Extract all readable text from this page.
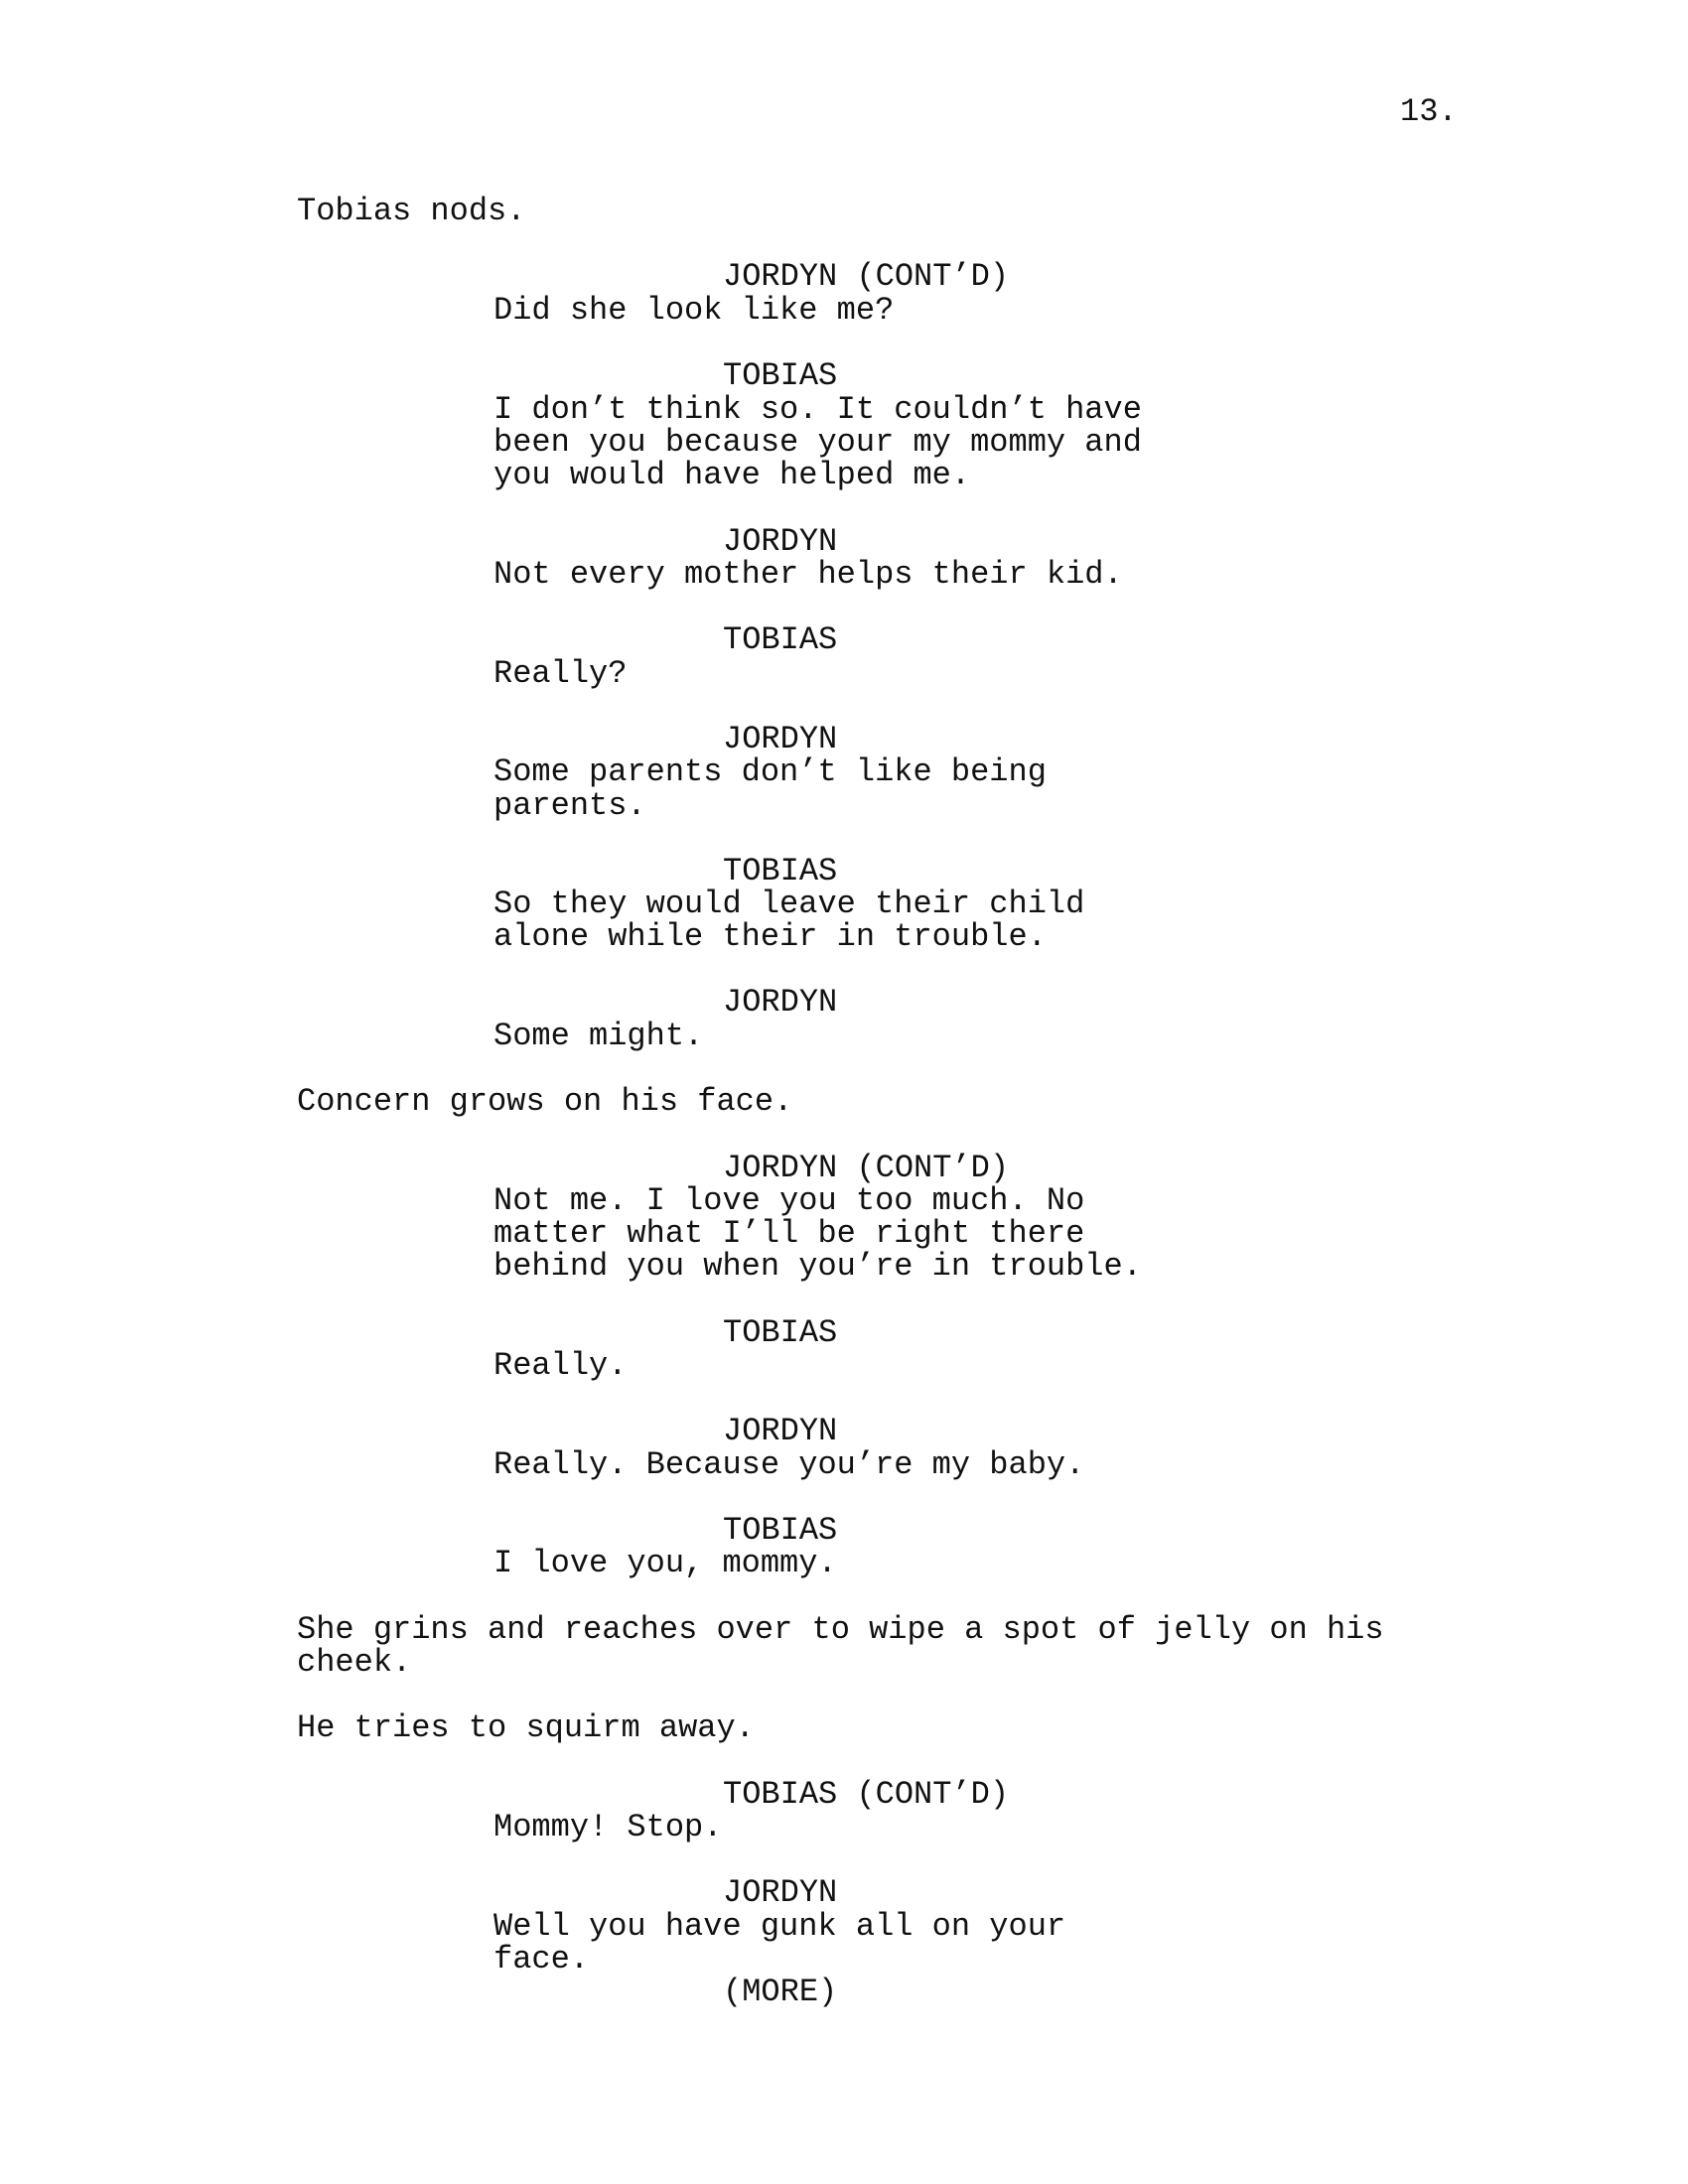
13.
Tobias nods.
JORDYN (CONT’D)
Did she look like me?
TOBIAS
I don’t think so. It couldn’t have
been you because your my mommy and
you would have helped me.
JORDYN
Not every mother helps their kid.
TOBIAS
Really?
JORDYN
Some parents don’t like being
parents.
TOBIAS
So they would leave their child
alone while their in trouble.
JORDYN
Some might.
Concern grows on his face.
JORDYN (CONT’D)
Not me. I love you too much. No
matter what I’ll be right there
behind you when you’re in trouble.
TOBIAS
Really.
JORDYN
Really. Because you’re my baby.
TOBIAS
I love you, mommy.
She grins and reaches over to wipe a spot of jelly on his
cheek.
He tries to squirm away.
TOBIAS (CONT’D)
Mommy! Stop.
JORDYN
Well you have gunk all on your
face.
(MORE)
